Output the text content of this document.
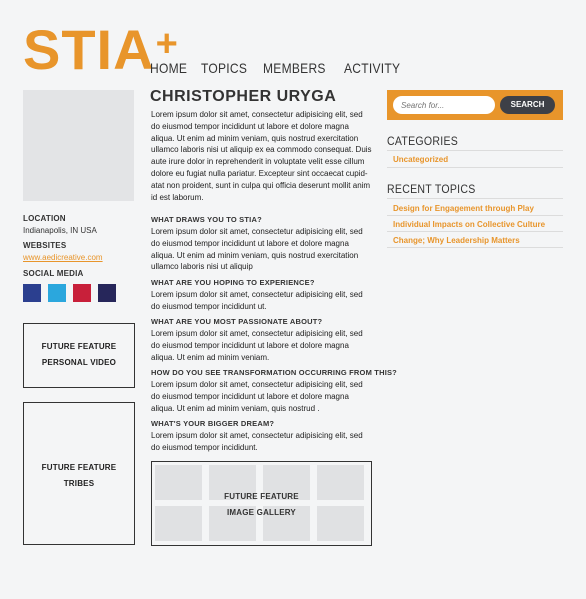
STIA+
HOME TOPICS MEMBERS ACTIVITY
LOCATION
Indianapolis, IN USA
WEBSITES
www.aedicreative.com
SOCIAL MEDIA
FUTURE FEATURE
PERSONAL VIDEO
FUTURE FEATURE
TRIBES
CHRISTOPHER URYGA
Lorem ipsum dolor sit amet, consectetur adipisicing elit, sed do eiusmod tempor incididunt ut labore et dolore magna aliqua. Ut enim ad minim veniam, quis nostrud exercitation ullamco laboris nisi ut aliquip ex ea commodo consequat. Duis aute irure dolor in reprehenderit in voluptate velit esse cillum dolore eu fugiat nulla pariatur. Excepteur sint occaecat cupid-atat non proident, sunt in culpa qui officia deserunt mollit anim id est laborum.
WHAT DRAWS YOU TO STIA?
Lorem ipsum dolor sit amet, consectetur adipisicing elit, sed do eiusmod tempor incididunt ut labore et dolore magna aliqua. Ut enim ad minim veniam, quis nostrud exercitation ullamco laboris nisi ut aliquip
WHAT ARE YOU HOPING TO EXPERIENCE?
Lorem ipsum dolor sit amet, consectetur adipisicing elit, sed do eiusmod tempor incididunt ut.
WHAT ARE YOU MOST PASSIONATE ABOUT?
Lorem ipsum dolor sit amet, consectetur adipisicing elit, sed do eiusmod tempor incididunt ut labore et dolore magna aliqua. Ut enim ad minim veniam.
HOW DO YOU SEE TRANSFORMATION OCCURRING FROM THIS?
Lorem ipsum dolor sit amet, consectetur adipisicing elit, sed do eiusmod tempor incididunt ut labore et dolore magna aliqua. Ut enim ad minim veniam, quis nostrud .
WHAT'S YOUR BIGGER DREAM?
Lorem ipsum dolor sit amet, consectetur adipisicing elit, sed do eiusmod tempor incididunt.
FUTURE FEATURE
IMAGE GALLERY
Search for...
SEARCH
CATEGORIES
Uncategorized
RECENT TOPICS
Design for Engagement through Play
Individual Impacts on Collective Culture
Change; Why Leadership Matters
